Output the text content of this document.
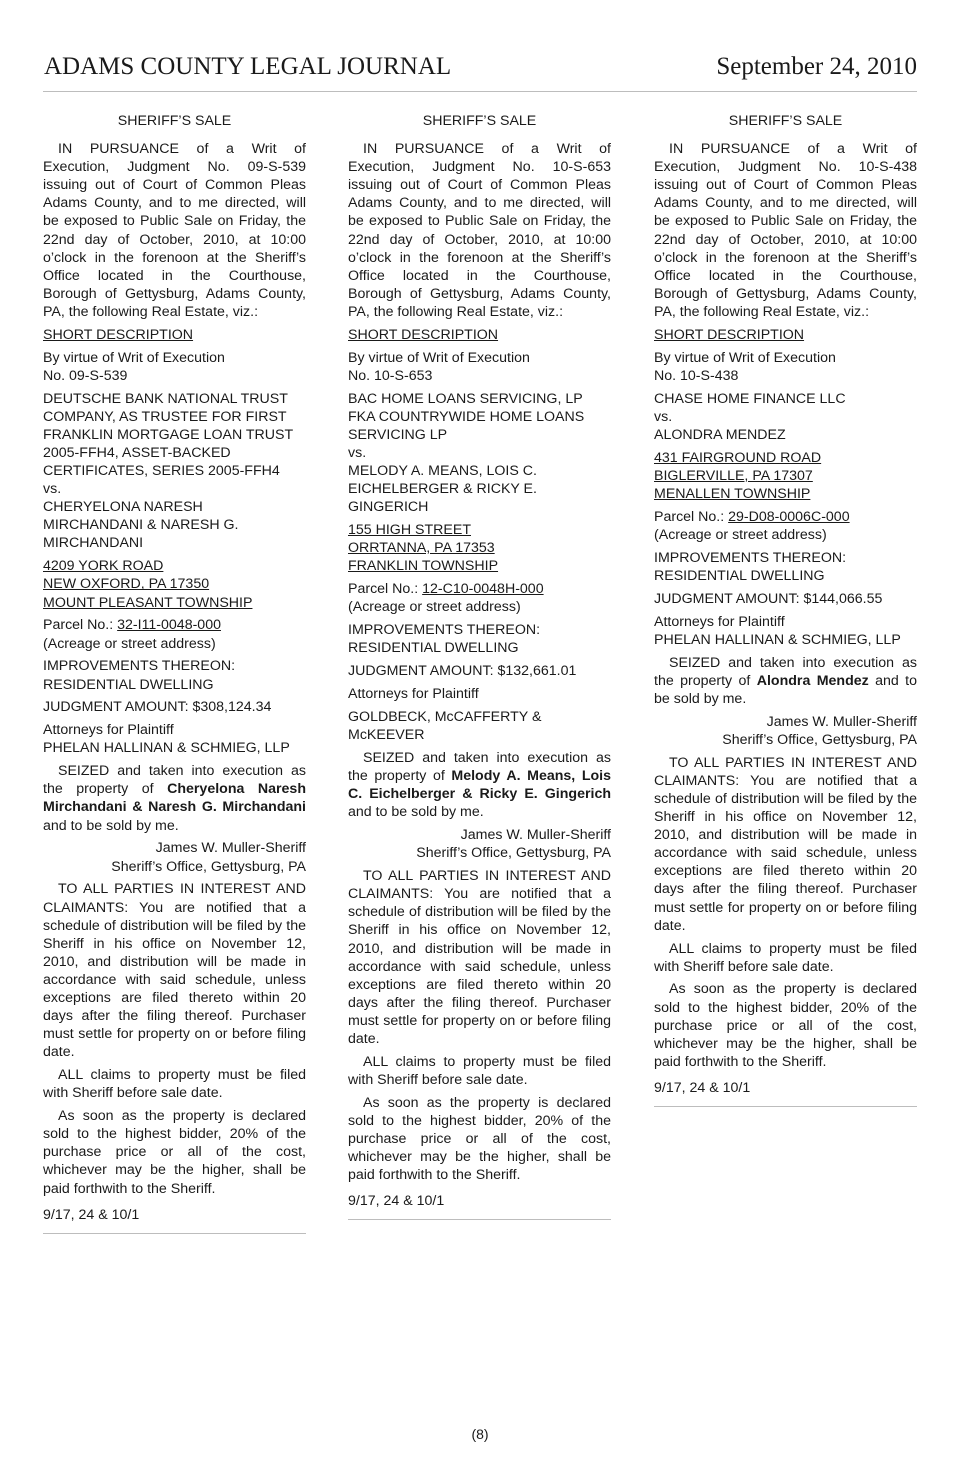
ADAMS COUNTY LEGAL JOURNAL	September 24, 2010

SHERIFF’S SALE

IN PURSUANCE of a Writ of Execution, Judgment No. 09-S-539 issuing out of Court of Common Pleas Adams County, and to me directed, will be exposed to Public Sale on Friday, the 22nd day of October, 2010, at 10:00 o’clock in the forenoon at the Sheriff’s Office located in the Courthouse, Borough of Gettysburg, Adams County, PA, the following Real Estate, viz.:

SHORT DESCRIPTION

By virtue of Writ of Execution
No. 09-S-539

DEUTSCHE BANK NATIONAL TRUST COMPANY, AS TRUSTEE FOR FIRST FRANKLIN MORTGAGE LOAN TRUST 2005-FFH4, ASSET-BACKED CERTIFICATES, SERIES 2005-FFH4
vs.
CHERYELONA NARESH MIRCHANDANI & NARESH G. MIRCHANDANI

4209 YORK ROAD
NEW OXFORD, PA 17350
MOUNT PLEASANT TOWNSHIP

Parcel No.: 32-I11-0048-000
(Acreage or street address)

IMPROVEMENTS THEREON:
RESIDENTIAL DWELLING

JUDGMENT AMOUNT: $308,124.34

Attorneys for Plaintiff
PHELAN HALLINAN & SCHMIEG, LLP

SEIZED and taken into execution as the property of Cheryelona Naresh Mirchandani & Naresh G. Mirchandani and to be sold by me.

James W. Muller-Sheriff
Sheriff’s Office, Gettysburg, PA

TO ALL PARTIES IN INTEREST AND CLAIMANTS: You are notified that a schedule of distribution will be filed by the Sheriff in his office on November 12, 2010, and distribution will be made in accordance with said schedule, unless exceptions are filed thereto within 20 days after the filing thereof. Purchaser must settle for property on or before filing date.

ALL claims to property must be filed with Sheriff before sale date.

As soon as the property is declared sold to the highest bidder, 20% of the purchase price or all of the cost, whichever may be the higher, shall be paid forthwith to the Sheriff.

9/17, 24 & 10/1

SHERIFF’S SALE

IN PURSUANCE of a Writ of Execution, Judgment No. 10-S-653 issuing out of Court of Common Pleas Adams County, and to me directed, will be exposed to Public Sale on Friday, the 22nd day of October, 2010, at 10:00 o’clock in the forenoon at the Sheriff’s Office located in the Courthouse, Borough of Gettysburg, Adams County, PA, the following Real Estate, viz.:

SHORT DESCRIPTION

By virtue of Writ of Execution
No. 10-S-653

BAC HOME LOANS SERVICING, LP FKA COUNTRYWIDE HOME LOANS SERVICING LP
vs.
MELODY A. MEANS, LOIS C. EICHELBERGER & RICKY E. GINGERICH

155 HIGH STREET
ORRTANNA, PA 17353
FRANKLIN TOWNSHIP

Parcel No.: 12-C10-0048H-000
(Acreage or street address)

IMPROVEMENTS THEREON:
RESIDENTIAL DWELLING

JUDGMENT AMOUNT: $132,661.01

Attorneys for Plaintiff

GOLDBECK, McCAFFERTY & McKEEVER

SEIZED and taken into execution as the property of Melody A. Means, Lois C. Eichelberger & Ricky E. Gingerich and to be sold by me.

James W. Muller-Sheriff
Sheriff’s Office, Gettysburg, PA

TO ALL PARTIES IN INTEREST AND CLAIMANTS: You are notified that a schedule of distribution will be filed by the Sheriff in his office on November 12, 2010, and distribution will be made in accordance with said schedule, unless exceptions are filed thereto within 20 days after the filing thereof. Purchaser must settle for property on or before filing date.

ALL claims to property must be filed with Sheriff before sale date.

As soon as the property is declared sold to the highest bidder, 20% of the purchase price or all of the cost, whichever may be the higher, shall be paid forthwith to the Sheriff.

9/17, 24 & 10/1

SHERIFF’S SALE

IN PURSUANCE of a Writ of Execution, Judgment No. 10-S-438 issuing out of Court of Common Pleas Adams County, and to me directed, will be exposed to Public Sale on Friday, the 22nd day of October, 2010, at 10:00 o’clock in the forenoon at the Sheriff’s Office located in the Courthouse, Borough of Gettysburg, Adams County, PA, the following Real Estate, viz.:

SHORT DESCRIPTION

By virtue of Writ of Execution
No. 10-S-438

CHASE HOME FINANCE LLC
vs.
ALONDRA MENDEZ

431 FAIRGROUND ROAD
BIGLERVILLE, PA 17307
MENALLEN TOWNSHIP

Parcel No.: 29-D08-0006C-000
(Acreage or street address)

IMPROVEMENTS THEREON:
RESIDENTIAL DWELLING

JUDGMENT AMOUNT: $144,066.55

Attorneys for Plaintiff
PHELAN HALLINAN & SCHMIEG, LLP

SEIZED and taken into execution as the property of Alondra Mendez and to be sold by me.

James W. Muller-Sheriff
Sheriff’s Office, Gettysburg, PA

TO ALL PARTIES IN INTEREST AND CLAIMANTS: You are notified that a schedule of distribution will be filed by the Sheriff in his office on November 12, 2010, and distribution will be made in accordance with said schedule, unless exceptions are filed thereto within 20 days after the filing thereof. Purchaser must settle for property on or before filing date.

ALL claims to property must be filed with Sheriff before sale date.

As soon as the property is declared sold to the highest bidder, 20% of the purchase price or all of the cost, whichever may be the higher, shall be paid forthwith to the Sheriff.

9/17, 24 & 10/1

(8)
